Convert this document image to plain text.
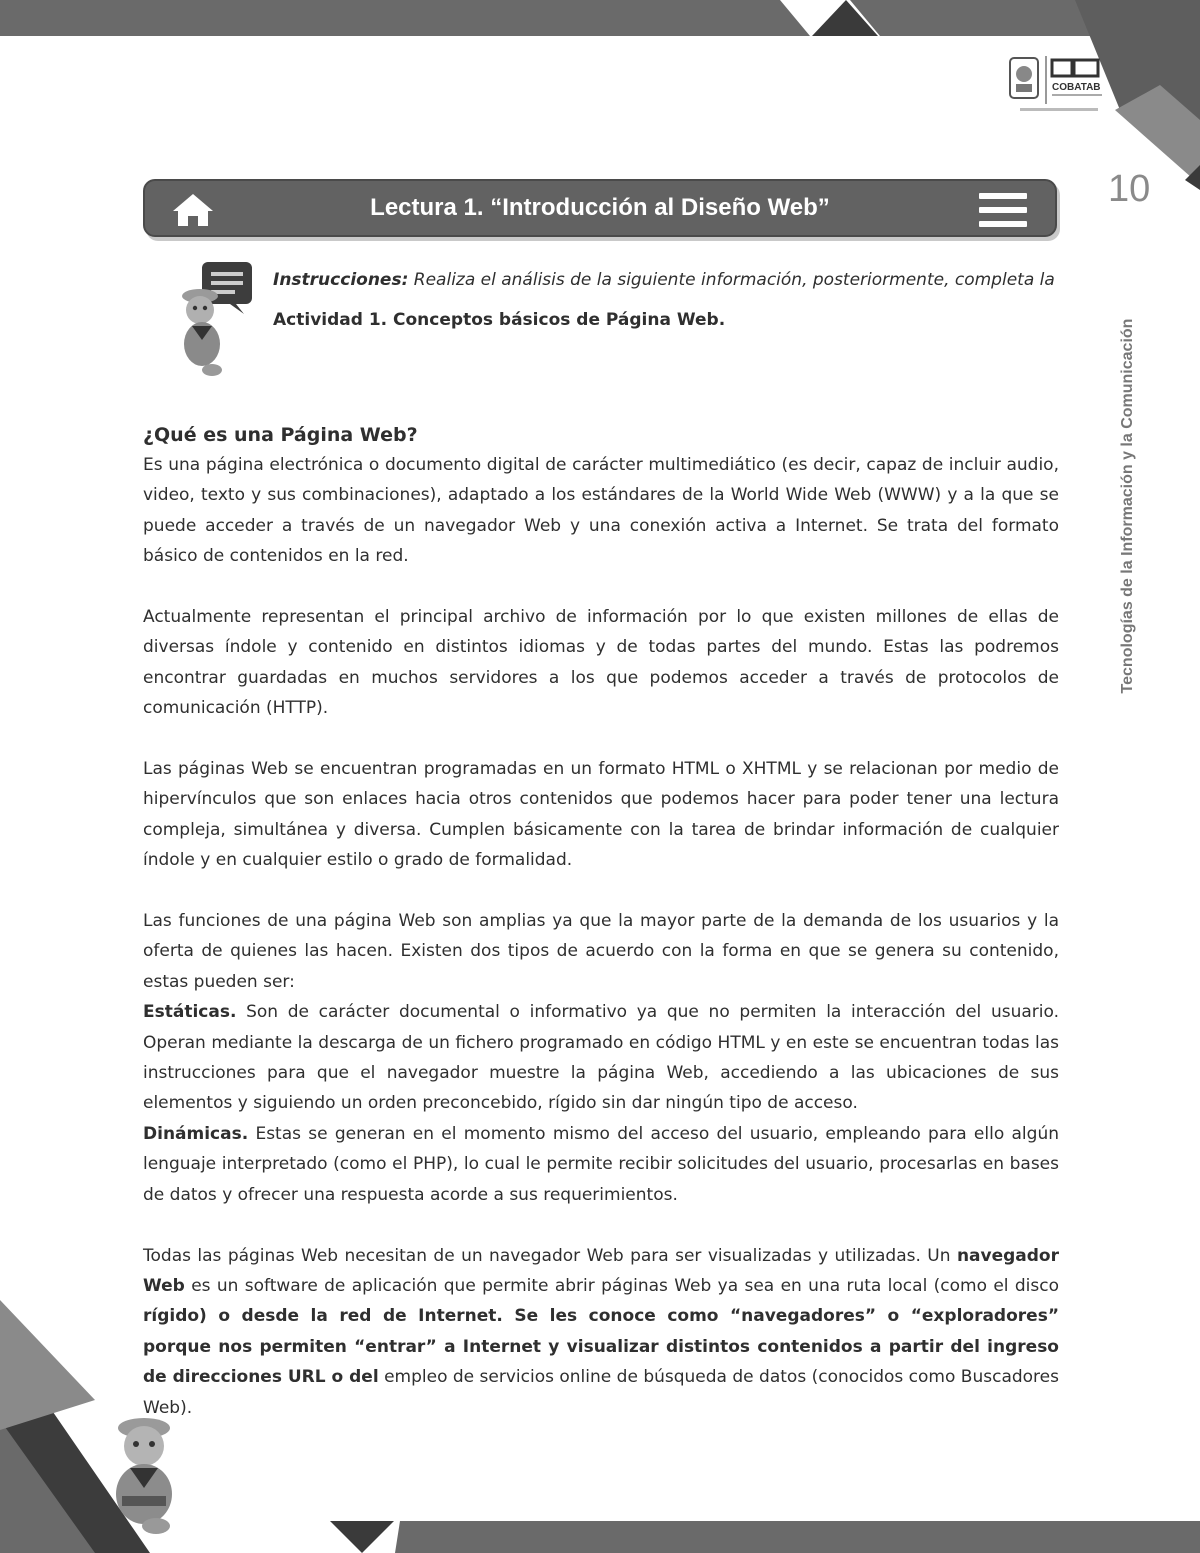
COBATAB
10
Tecnologías de la Información y la Comunicación
Lectura 1. “Introducción al Diseño Web”
Instrucciones: Realiza el análisis de la siguiente información, posteriormente, completa la
Actividad 1. Conceptos básicos de Página Web.
¿Qué es una Página Web?

Es una página electrónica o documento digital de carácter multimediático (es decir, capaz de incluir audio, video, texto y sus combinaciones), adaptado a los estándares de la World Wide Web (WWW) y a la que se puede acceder a través de un navegador Web y una conexión activa a Internet. Se trata del formato básico de contenidos en la red.

Actualmente representan el principal archivo de información por lo que existen millones de ellas de diversas índole y contenido en distintos idiomas y de todas partes del mundo. Estas las podremos encontrar guardadas en muchos servidores a los que podemos acceder a través de protocolos de comunicación (HTTP).

Las páginas Web se encuentran programadas en un formato HTML o XHTML y se relacionan por medio de hipervínculos que son enlaces hacia otros contenidos que podemos hacer para poder tener una lectura compleja, simultánea y diversa. Cumplen básicamente con la tarea de brindar información de cualquier índole y en cualquier estilo o grado de formalidad.

Las funciones de una página Web son amplias ya que la mayor parte de la demanda de los usuarios y la oferta de quienes las hacen. Existen dos tipos de acuerdo con la forma en que se genera su contenido, estas pueden ser:

Estáticas. Son de carácter documental o informativo ya que no permiten la interacción del usuario. Operan mediante la descarga de un fichero programado en código HTML y en este se encuentran todas las instrucciones para que el navegador muestre la página Web, accediendo a las ubicaciones de sus elementos y siguiendo un orden preconcebido, rígido sin dar ningún tipo de acceso.

Dinámicas. Estas se generan en el momento mismo del acceso del usuario, empleando para ello algún lenguaje interpretado (como el PHP), lo cual le permite recibir solicitudes del usuario, procesarlas en bases de datos y ofrecer una respuesta acorde a sus requerimientos.

Todas las páginas Web necesitan de un navegador Web para ser visualizadas y utilizadas. Un navegador Web es un software de aplicación que permite abrir páginas Web ya sea en una ruta local (como el disco rígido) o desde la red de Internet. Se les conoce como “navegadores” o “exploradores” porque nos permiten “entrar” a Internet y visualizar distintos contenidos a partir del ingreso de direcciones URL o del empleo de servicios online de búsqueda de datos (conocidos como Buscadores Web).
